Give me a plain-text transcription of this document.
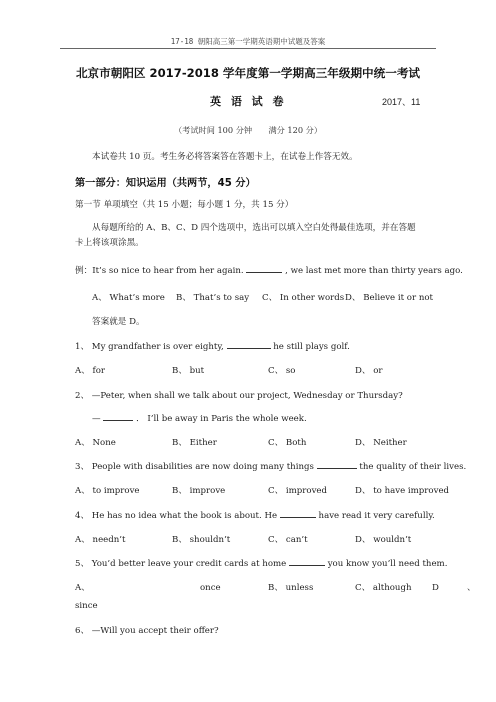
17-18 朝阳高三第一学期英语期中试题及答案
北京市朝阳区 2017-2018 学年度第一学期高三年级期中统一考试
英 语 试 卷	2017、11
（考试时间 100 分钟　　满分 120 分）
本试卷共 10 页。考生务必将答案答在答题卡上，在试卷上作答无效。
第一部分：知识运用（共两节，45 分）
第一节 单项填空（共 15 小题；每小题 1 分，共 15 分）
从每题所给的 A、B、C、D 四个选项中，选出可以填入空白处得最佳选项，并在答题
卡上将该项涂黑。
例：It’s so nice to hear from her again.	, we last met more than thirty years ago.
A、 What’s more B、 That’s to say C、 In other words D、 Believe it or not
答案就是 D。
1、 My grandfather is over eighty,	he still plays golf.
A、 for	B、 but	C、 so	D、 or
2、 —Peter, when shall we talk about our project, Wednesday or Thursday?
—	． I’ll be away in Paris the whole week.
A、 None	B、 Either	C、 Both	D、 Neither
3、 People with disabilities are now doing many things	the quality of their lives.
A、 to improve	B、 improve	C、 improved	D、 to have improved
4、 He has no idea what the book is about. He	have read it very carefully.
A、 needn’t	B、 shouldn’t	C、 can’t	D、 wouldn’t
5、 You’d better leave your credit cards at home	you know you’ll need them.
A、	once	B、 unless	C、 although D	、
since
6、 —Will you accept their offer?
